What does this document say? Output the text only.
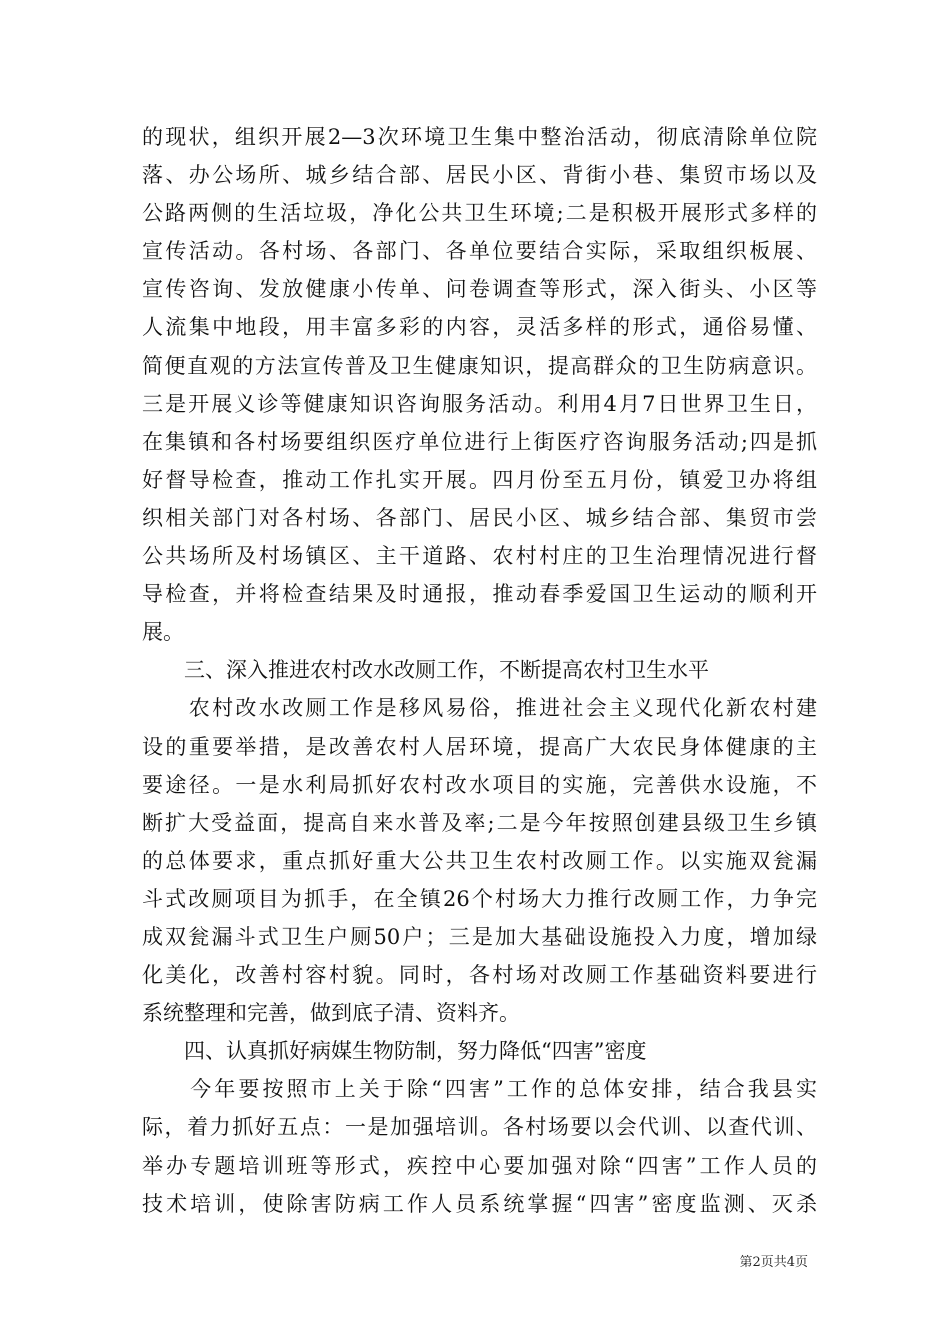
的现状，组织开展2—3次环境卫生集中整治活动，彻底清除单位院
落、办公场所、城乡结合部、居民小区、背街小巷、集贸市场以及
公路两侧的生活垃圾，净化公共卫生环境;二是积极开展形式多样的
宣传活动。各村场、各部门、各单位要结合实际，采取组织板展、
宣传咨询、发放健康小传单、问卷调查等形式，深入街头、小区等
人流集中地段，用丰富多彩的内容，灵活多样的形式，通俗易懂、
简便直观的方法宣传普及卫生健康知识，提高群众的卫生防病意识。
三是开展义诊等健康知识咨询服务活动。利用4月7日世界卫生日，
在集镇和各村场要组织医疗单位进行上街医疗咨询服务活动;四是抓
好督导检查，推动工作扎实开展。四月份至五月份，镇爱卫办将组
织相关部门对各村场、各部门、居民小区、城乡结合部、集贸市尝
公共场所及村场镇区、主干道路、农村村庄的卫生治理情况进行督
导检查，并将检查结果及时通报，推动春季爱国卫生运动的顺利开
展。
　　三、深入推进农村改水改厕工作，不断提高农村卫生水平
　　农村改水改厕工作是移风易俗，推进社会主义现代化新农村建
设的重要举措，是改善农村人居环境，提高广大农民身体健康的主
要途径。一是水利局抓好农村改水项目的实施，完善供水设施，不
断扩大受益面，提高自来水普及率;二是今年按照创建县级卫生乡镇
的总体要求，重点抓好重大公共卫生农村改厕工作。以实施双瓮漏
斗式改厕项目为抓手，在全镇26个村场大力推行改厕工作，力争完
成双瓮漏斗式卫生户厕50户；三是加大基础设施投入力度，增加绿
化美化，改善村容村貌。同时，各村场对改厕工作基础资料要进行
系统整理和完善，做到底子清、资料齐。
　　四、认真抓好病媒生物防制，努力降低“四害”密度
　　今年要按照市上关于除“四害”工作的总体安排，结合我县实
际，着力抓好五点：一是加强培训。各村场要以会代训、以查代训、
举办专题培训班等形式，疾控中心要加强对除“四害”工作人员的
技术培训，使除害防病工作人员系统掌握“四害”密度监测、灭杀
第2页共4页
